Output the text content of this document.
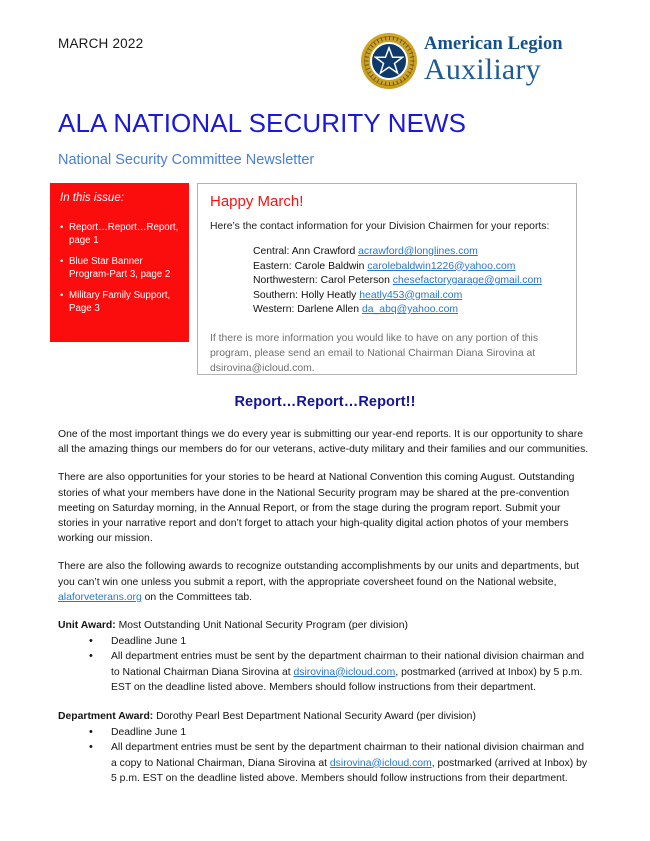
MARCH 2022	American Legion
Auxiliary
ALA NATIONAL SECURITY NEWS
National Security Committee Newsletter
In this issue:
• Report…Report…Report, page 1
• Blue Star Banner Program-Part 3, page 2
• Military Family Support, Page 3
Happy March!

Here’s the contact information for your Division Chairmen for your reports:

Central: Ann Crawford acrawford@longlines.com
Eastern: Carole Baldwin carolebaldwin1226@yahoo.com
Northwestern: Carol Peterson chesefactorygarage@gmail.com
Southern: Holly Heatly heatly453@gmail.com
Western: Darlene Allen da_abq@yahoo.com

If there is more information you would like to have on any portion of this program, please send an email to National Chairman Diana Sirovina at dsirovina@icloud.com.

Report…Report…Report!!

One of the most important things we do every year is submitting our year-end reports. It is our opportunity to share all the amazing things our members do for our veterans, active-duty military and their families and our communities.

There are also opportunities for your stories to be heard at National Convention this coming August. Outstanding stories of what your members have done in the National Security program may be shared at the pre-convention meeting on Saturday morning, in the Annual Report, or from the stage during the program report. Submit your stories in your narrative report and don’t forget to attach your high-quality digital action photos of your members working our mission.

There are also the following awards to recognize outstanding accomplishments by our units and departments, but you can’t win one unless you submit a report, with the appropriate coversheet found on the National website, alaforveterans.org on the Committees tab.

Unit Award: Most Outstanding Unit National Security Program (per division)
• Deadline June 1
• All department entries must be sent by the department chairman to their national division chairman and to National Chairman Diana Sirovina at dsirovina@icloud.com, postmarked (arrived at Inbox) by 5 p.m. EST on the deadline listed above. Members should follow instructions from their department.
Department Award: Dorothy Pearl Best Department National Security Award (per division)
• Deadline June 1
• All department entries must be sent by the department chairman to their national division chairman and a copy to National Chairman, Diana Sirovina at dsirovina@icloud.com, postmarked (arrived at Inbox) by 5 p.m. EST on the deadline listed above. Members should follow instructions from their department.
